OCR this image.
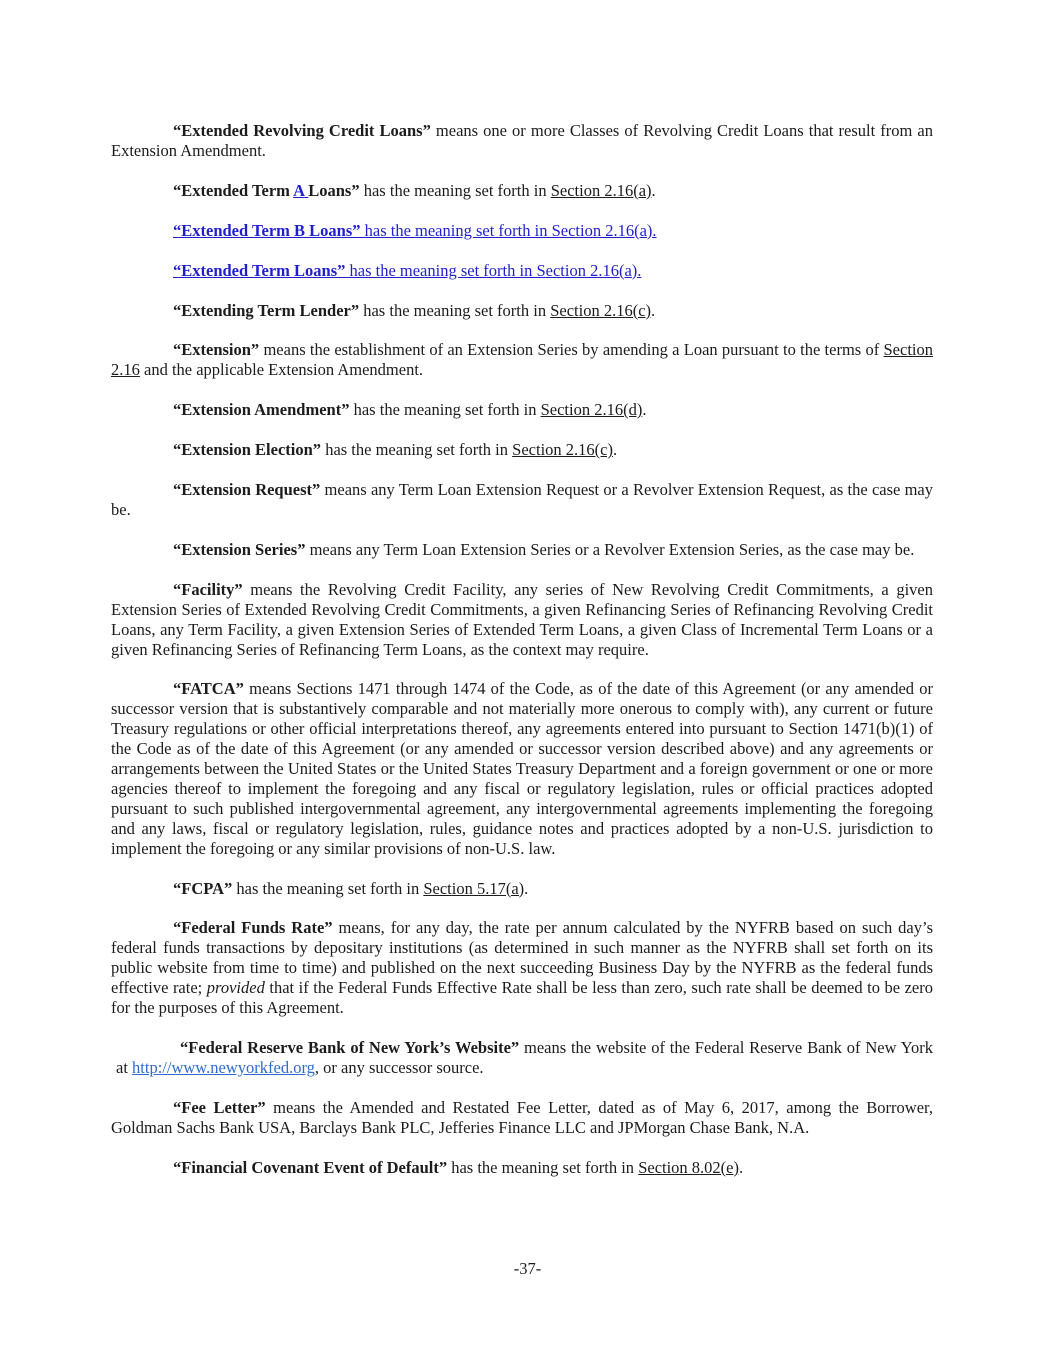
“Extended Revolving Credit Loans” means one or more Classes of Revolving Credit Loans that result from an Extension Amendment.

“Extended Term A Loans” has the meaning set forth in Section 2.16(a).

“Extended Term B Loans” has the meaning set forth in Section 2.16(a).

“Extended Term Loans” has the meaning set forth in Section 2.16(a).

“Extending Term Lender” has the meaning set forth in Section 2.16(c).

“Extension” means the establishment of an Extension Series by amending a Loan pursuant to the terms of Section 2.16 and the applicable Extension Amendment.

“Extension Amendment” has the meaning set forth in Section 2.16(d).

“Extension Election” has the meaning set forth in Section 2.16(c).

“Extension Request” means any Term Loan Extension Request or a Revolver Extension Request, as the case may be.

“Extension Series” means any Term Loan Extension Series or a Revolver Extension Series, as the case may be.

“Facility” means the Revolving Credit Facility, any series of New Revolving Credit Commitments, a given Extension Series of Extended Revolving Credit Commitments, a given Refinancing Series of Refinancing Revolving Credit Loans, any Term Facility, a given Extension Series of Extended Term Loans, a given Class of Incremental Term Loans or a given Refinancing Series of Refinancing Term Loans, as the context may require.

“FATCA” means Sections 1471 through 1474 of the Code, as of the date of this Agreement (or any amended or successor version that is substantively comparable and not materially more onerous to comply with), any current or future Treasury regulations or other official interpretations thereof, any agreements entered into pursuant to Section 1471(b)(1) of the Code as of the date of this Agreement (or any amended or successor version described above) and any agreements or arrangements between the United States or the United States Treasury Department and a foreign government or one or more agencies thereof to implement the foregoing and any fiscal or regulatory legislation, rules or official practices adopted pursuant to such published intergovernmental agreement, any intergovernmental agreements implementing the foregoing and any laws, fiscal or regulatory legislation, rules, guidance notes and practices adopted by a non-U.S. jurisdiction to implement the foregoing or any similar provisions of non-U.S. law.

“FCPA” has the meaning set forth in Section 5.17(a).

“Federal Funds Rate” means, for any day, the rate per annum calculated by the NYFRB based on such day’s federal funds transactions by depositary institutions (as determined in such manner as the NYFRB shall set forth on its public website from time to time) and published on the next succeeding Business Day by the NYFRB as the federal funds effective rate; provided that if the Federal Funds Effective Rate shall be less than zero, such rate shall be deemed to be zero for the purposes of this Agreement.

“Federal Reserve Bank of New York’s Website” means the website of the Federal Reserve Bank of New York at http://www.newyorkfed.org, or any successor source.

“Fee Letter” means the Amended and Restated Fee Letter, dated as of May 6, 2017, among the Borrower, Goldman Sachs Bank USA, Barclays Bank PLC, Jefferies Finance LLC and JPMorgan Chase Bank, N.A.

“Financial Covenant Event of Default” has the meaning set forth in Section 8.02(e).

-37-
